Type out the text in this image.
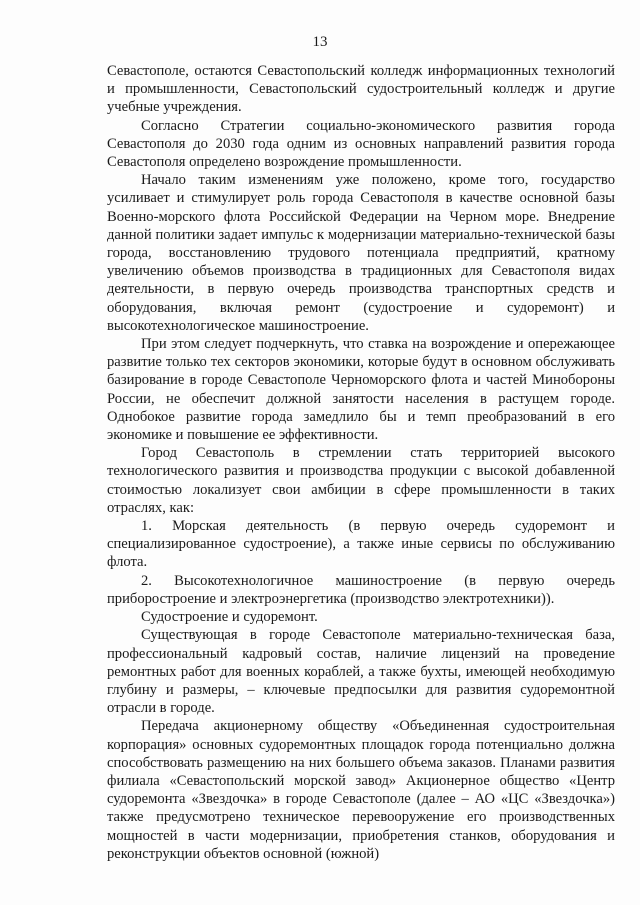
13

Севастополе, остаются Севастопольский колледж информационных технологий и промышленности, Севастопольский судостроительный колледж и другие учебные учреждения.

Согласно Стратегии социально-экономического развития города Севастополя до 2030 года одним из основных направлений развития города Севастополя определено возрождение промышленности.

Начало таким изменениям уже положено, кроме того, государство усиливает и стимулирует роль города Севастополя в качестве основной базы Военно-морского флота Российской Федерации на Черном море. Внедрение данной политики задает импульс к модернизации материально-технической базы города, восстановлению трудового потенциала предприятий, кратному увеличению объемов производства в традиционных для Севастополя видах деятельности, в первую очередь производства транспортных средств и оборудования, включая ремонт (судостроение и судоремонт) и высокотехнологическое машиностроение.

При этом следует подчеркнуть, что ставка на возрождение и опережающее развитие только тех секторов экономики, которые будут в основном обслуживать базирование в городе Севастополе Черноморского флота и частей Минобороны России, не обеспечит должной занятости населения в растущем городе. Однобокое развитие города замедлило бы и темп преобразований в его экономике и повышение ее эффективности.

Город Севастополь в стремлении стать территорией высокого технологического развития и производства продукции с высокой добавленной стоимостью локализует свои амбиции в сфере промышленности в таких отраслях, как:

1. Морская деятельность (в первую очередь судоремонт и специализированное судостроение), а также иные сервисы по обслуживанию флота.

2. Высокотехнологичное машиностроение (в первую очередь приборостроение и электроэнергетика (производство электротехники)).

Судостроение и судоремонт.

Существующая в городе Севастополе материально-техническая база, профессиональный кадровый состав, наличие лицензий на проведение ремонтных работ для военных кораблей, а также бухты, имеющей необходимую глубину и размеры, – ключевые предпосылки для развития судоремонтной отрасли в городе.

Передача акционерному обществу «Объединенная судостроительная корпорация» основных судоремонтных площадок города потенциально должна способствовать размещению на них большего объема заказов. Планами развития филиала «Севастопольский морской завод» Акционерное общество «Центр судоремонта «Звездочка» в городе Севастополе (далее – АО «ЦС «Звездочка») также предусмотрено техническое перевооружение его производственных мощностей в части модернизации, приобретения станков, оборудования и реконструкции объектов основной (южной)
